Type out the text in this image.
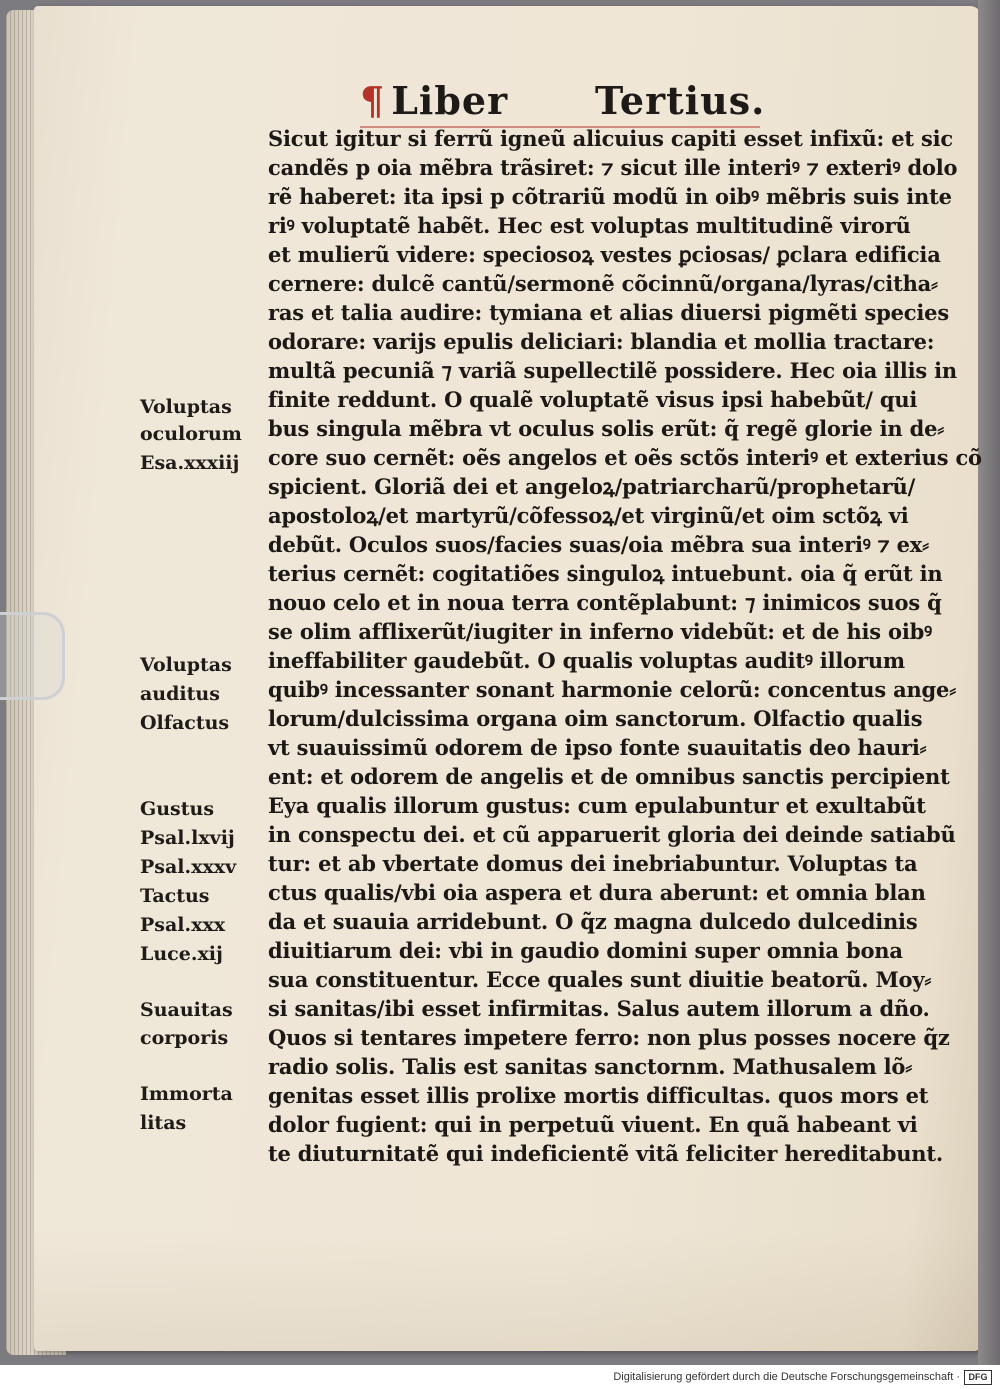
¶ Liber Tertius.
Voluptas
oculorum
Esa.xxxiij
Voluptas
auditus
Olfactus
Gustus
Psal.lxvij
Psal.xxxv
Tactus
Psal.xxx
Luce.xij
Suauitas
corporis
Immorta
litas
Sicut igitur si ferrũ igneũ alicuius capiti esset infixũ: et sic
candẽs p oia mẽbra trãsiret: ⁊ sicut ille interiꝰ ⁊ exteriꝰ dolo
rẽ haberet: ita ipsi p cõtrariũ modũ in oibꝰ mẽbris suis inte
riꝰ voluptatẽ habẽt. Hec est voluptas multitudinẽ virorũ
et mulierũ videre: speciosoꝝ vestes ꝑciosas/ ꝑclara edificia
cernere: dulcẽ cantũ/sermonẽ cõcinnũ/organa/lyras/citha⸗
ras et talia audire: tymiana et alias diuersi pigmẽti species
odorare: varijs epulis deliciari: blandia et mollia tractare:
multã pecuniã ⁊ variã supellectilẽ possidere. Hec oia illis in
finite reddunt. O qualẽ voluptatẽ visus ipsi habebũt/ qui
bus singula mẽbra vt oculus solis erũt: q̃ regẽ glorie in de⸗
core suo cernẽt: oẽs angelos et oẽs sctõs interiꝰ et exterius cõ
spicient. Gloriã dei et angeloꝝ/patriarcharũ/prophetarũ/
apostoloꝝ/et martyrũ/cõfessoꝝ/et virginũ/et oim sctõꝝ vi
debũt. Oculos suos/facies suas/oia mẽbra sua interiꝰ ⁊ ex⸗
terius cernẽt: cogitatiões singuloꝝ intuebunt. oia q̃ erũt in
nouo celo et in noua terra contẽplabunt: ⁊ inimicos suos q̃
se olim afflixerũt/iugiter in inferno videbũt: et de his oibꝰ
ineffabiliter gaudebũt. O qualis voluptas auditꝰ illorum
quibꝰ incessanter sonant harmonie celorũ: concentus ange⸗
lorum/dulcissima organa oim sanctorum. Olfactio qualis
vt suauissimũ odorem de ipso fonte suauitatis deo hauri⸗
ent: et odorem de angelis et de omnibus sanctis percipient
Eya qualis illorum gustus: cum epulabuntur et exultabũt
in conspectu dei. et cũ apparuerit gloria dei deinde satiabũ
tur: et ab vbertate domus dei inebriabuntur. Voluptas ta
ctus qualis/vbi oia aspera et dura aberunt: et omnia blan
da et suauia arridebunt. O q̃z magna dulcedo dulcedinis
diuitiarum dei: vbi in gaudio domini super omnia bona
sua constituentur. Ecce quales sunt diuitie beatorũ. Moy⸗
si sanitas/ibi esset infirmitas. Salus autem illorum a dño.
Quos si tentares impetere ferro: non plus posses nocere q̃z
radio solis. Talis est sanitas sanctornm. Mathusalem lõ⸗
genitas esset illis prolixe mortis difficultas. quos mors et
dolor fugient: qui in perpetuũ viuent. En quã habeant vi
te diuturnitatẽ qui indeficientẽ vitã feliciter hereditabunt.
Digitalisierung gefördert durch die Deutsche Forschungsgemeinschaft · DFG
